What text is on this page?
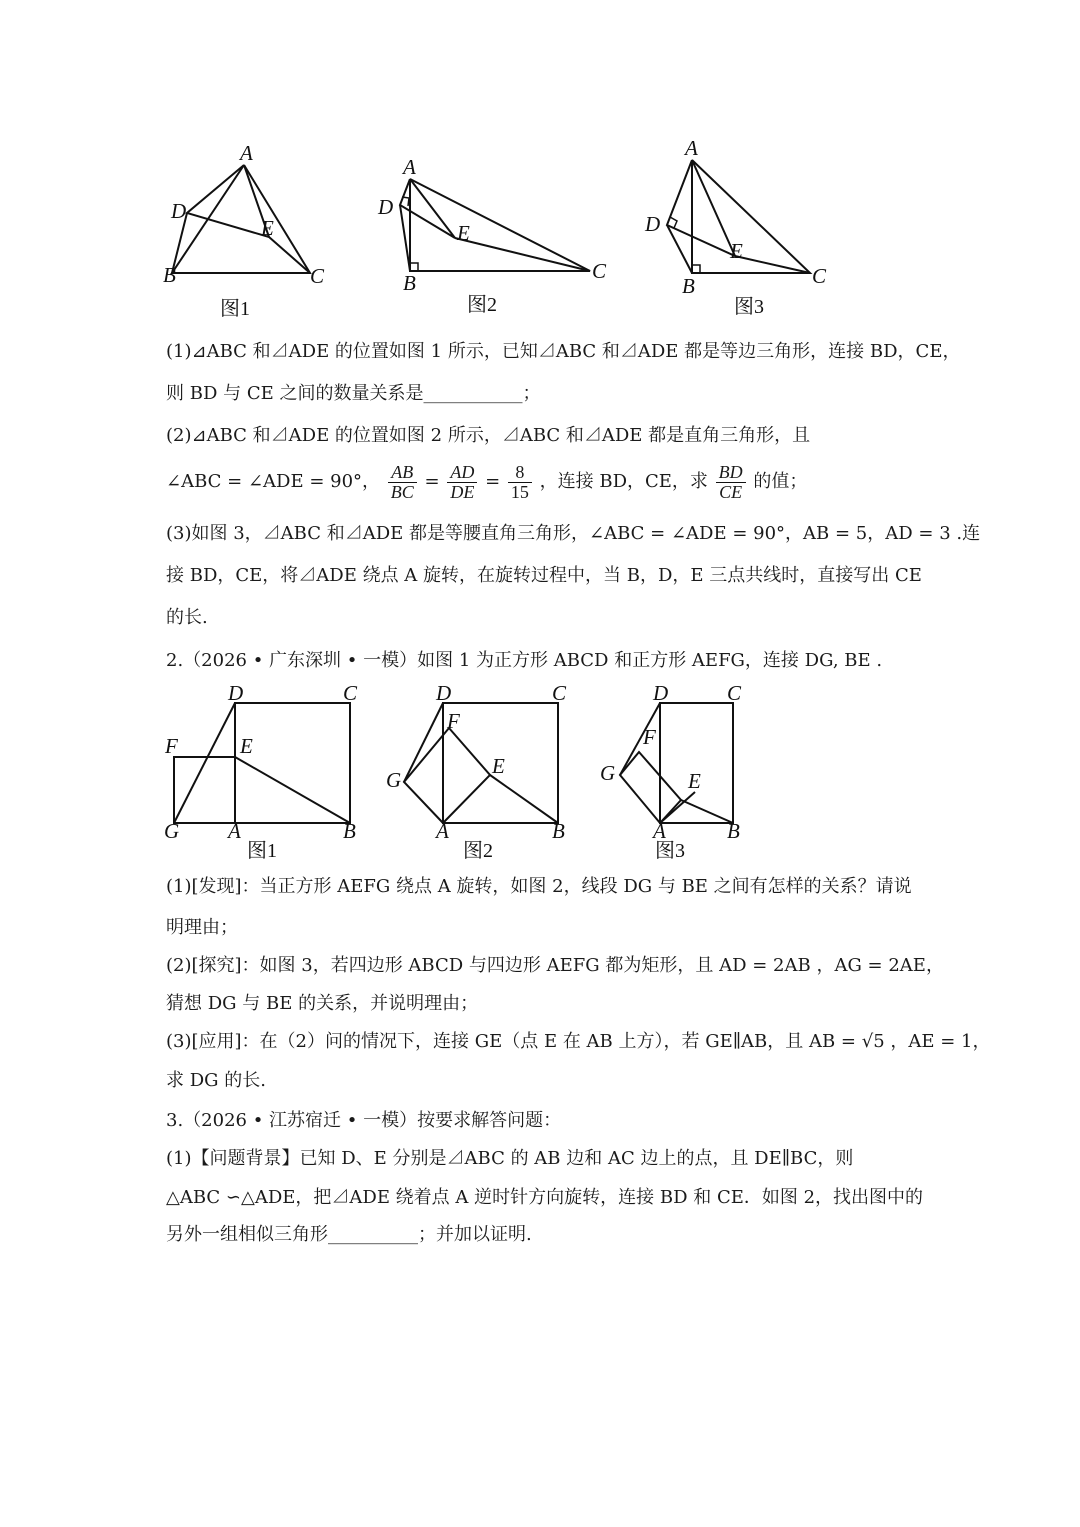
A
D
E
B	C
图1
A
D
E
B	C
图2
A
D
E
B	C
图3
(1)⊿ABC 和⊿ADE 的位置如图 1 所示，已知⊿ABC 和⊿ADE 都是等边三角形，连接 BD，CE，
则 BD 与 CE 之间的数量关系是___________；
(2)⊿ABC 和⊿ADE 的位置如图 2 所示，⊿ABC 和⊿ADE 都是直角三角形，且
∠ABC = ∠ADE = 90°， $\frac{AB}{BC} = \frac{AD}{DE} = \frac{8}{15}$ ，连接 BD，CE，求 $\frac{BD}{CE}$ 的值；
(3)如图 3，⊿ABC 和⊿ADE 都是等腰直角三角形，∠ABC = ∠ADE = 90°，AB = 5，AD = 3 .连
接 BD，CE，将⊿ADE 绕点 A 旋转，在旋转过程中，当 B，D，E 三点共线时，直接写出 CE
的长.
2.（2026 • 广东深圳 • 一模）如图 1 为正方形 ABCD 和正方形 AEFG，连接 DG, BE .
D	C
F	E
G A	B
图1
D	C
F
E
G
A	B
图2
D	C
F
E
G
A	B
图3
(1)[发现]：当正方形 AEFG 绕点 A 旋转，如图 2，线段 DG 与 BE 之间有怎样的关系？请说
明理由；
(2)[探究]：如图 3，若四边形 ABCD 与四边形 AEFG 都为矩形，且 AD = 2AB ，AG = 2AE，
猜想 DG 与 BE 的关系，并说明理由；
(3)[应用]：在（2）问的情况下，连接 GE（点 E 在 AB 上方），若 GE∥AB，且 AB = √5 ，AE = 1，
求 DG 的长.
3.（2026 • 江苏宿迁 • 一模）按要求解答问题：
(1)【问题背景】已知 D、E 分别是⊿ABC 的 AB 边和 AC 边上的点，且 DE∥BC，则
△ABC ∽△ADE，把⊿ADE 绕着点 A 逆时针方向旋转，连接 BD 和 CE．如图 2，找出图中的
另外一组相似三角形__________；并加以证明.
